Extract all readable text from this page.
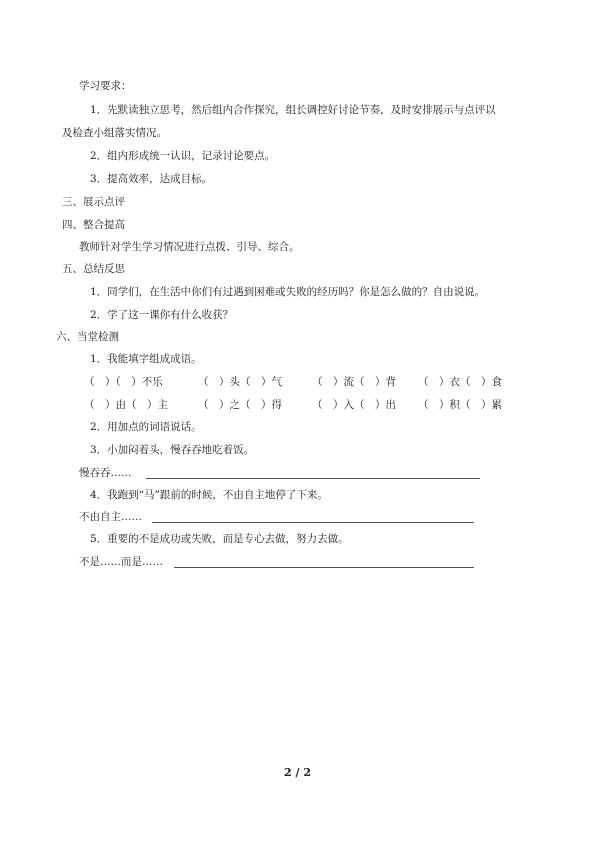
学习要求：
1．先默读独立思考，然后组内合作探究，组长调控好讨论节奏，及时安排展示与点评以
及检查小组落实情况。
2．组内形成统一认识，记录讨论要点。
3．提高效率，达成目标。
三、展示点评
四、整合提高
教师针对学生学习情况进行点拨、引导、综合。
五、总结反思
1．同学们，在生活中你们有过遇到困难或失败的经历吗？你是怎么做的？自由说说。
2．学了这一课你有什么收获？
六、当堂检测
1．我能填字组成成语。
（　）（　）不乐	（　）头（　）气	（　）流（　）背 （　）衣（　）食
（　）由（　）主	（　）之（　）得	（　）入（　）出 （　）积（　）累
2．用加点的词语说话。
3．小加闷着头，慢吞吞地吃着饭。
慢吞吞……
4．我跑到“马”跟前的时候，不由自主地停了下来。
不由自主……
5．重要的不是成功或失败，而是专心去做，努力去做。
不是……而是……
2 / 2
